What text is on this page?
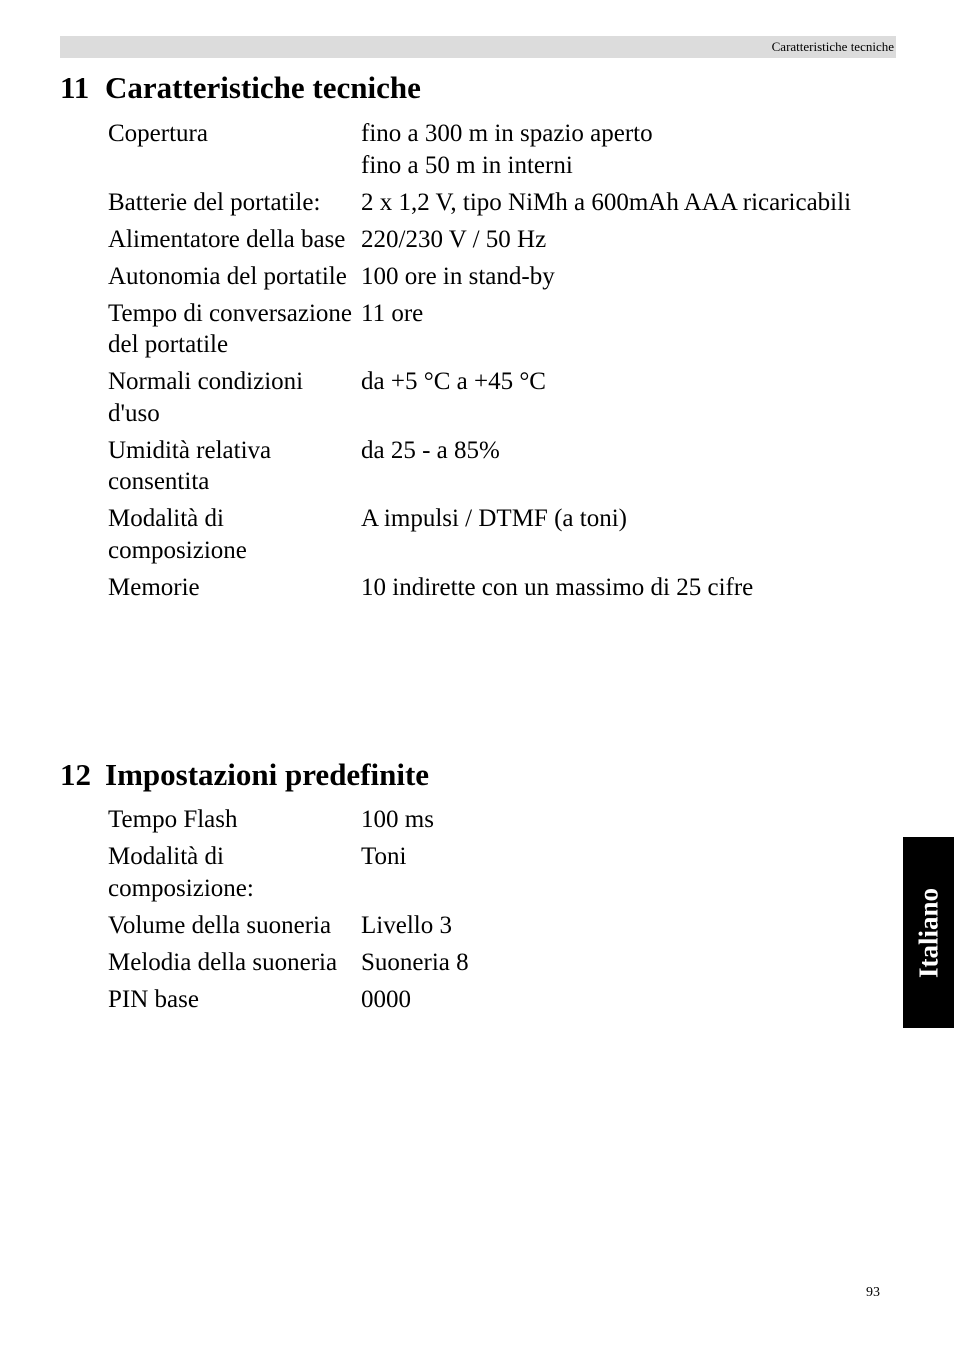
Caratteristiche tecniche
11 Caratteristiche tecniche
Copertura	fino a 300 m in spazio aperto
fino a 50 m in interni
Batterie del portatile:	2 x 1,2 V, tipo NiMh a 600mAh AAA ricaricabili
Alimentatore della base	220/230 V / 50 Hz
Autonomia del portatile	100 ore in stand-by
Tempo di conversazione del portatile	11 ore
Normali condizioni d'uso	da +5 °C a +45 °C
Umidità relativa consentita	da 25 - a 85%
Modalità di composizione	A impulsi / DTMF (a toni)
Memorie	10 indirette con un massimo di 25 cifre
12 Impostazioni predefinite
Tempo Flash	100 ms
Modalità di composizione:	Toni
Volume della suoneria	Livello 3
Melodia della suoneria	Suoneria 8
PIN base	0000
Italiano
93
